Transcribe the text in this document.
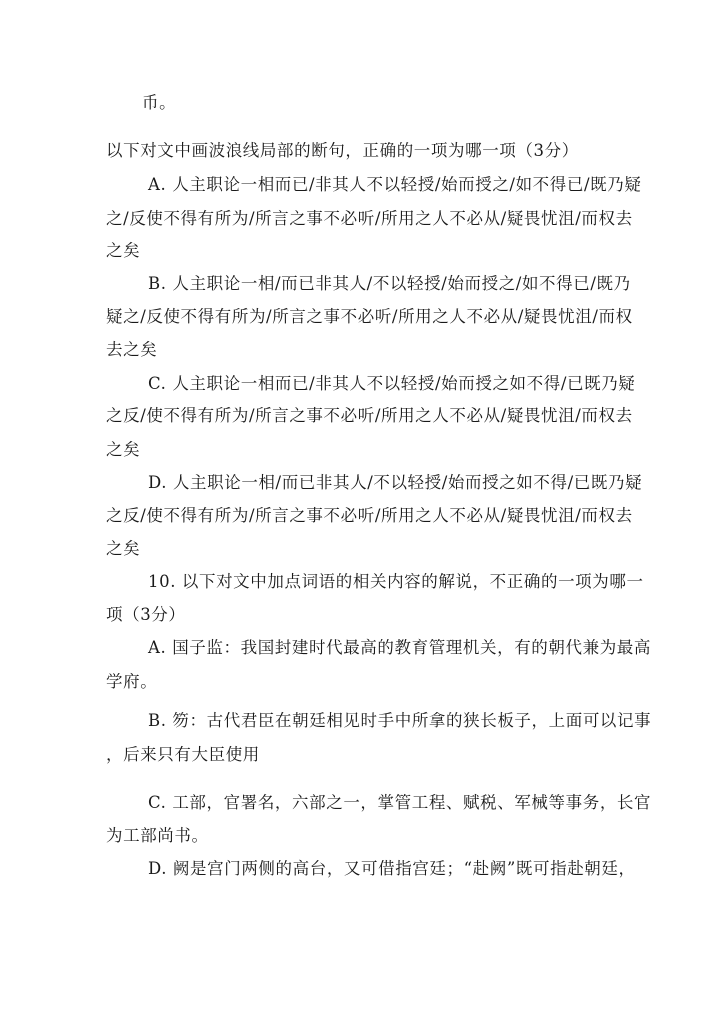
币。
以下对文中画波浪线局部的断句，正确的一项为哪一项（3分）
A. 人主职论一相而已/非其人不以轻授/始而授之/如不得已/既乃疑
之/反使不得有所为/所言之事不必听/所用之人不必从/疑畏忧沮/而权去
之矣
B. 人主职论一相/而已非其人/不以轻授/始而授之/如不得已/既乃
疑之/反使不得有所为/所言之事不必听/所用之人不必从/疑畏忧沮/而权
去之矣
C. 人主职论一相而已/非其人不以轻授/始而授之如不得/已既乃疑
之反/使不得有所为/所言之事不必听/所用之人不必从/疑畏忧沮/而权去
之矣
D. 人主职论一相/而已非其人/不以轻授/始而授之如不得/已既乃疑
之反/使不得有所为/所言之事不必听/所用之人不必从/疑畏忧沮/而权去
之矣
10. 以下对文中加点词语的相关内容的解说，不正确的一项为哪一
项（3分）
A. 国子监：我国封建时代最高的教育管理机关，有的朝代兼为最高
学府。
B. 笏：古代君臣在朝廷相见时手中所拿的狭长板子，上面可以记事
，后来只有大臣使用
C. 工部，官署名，六部之一，掌管工程、赋税、军械等事务，长官
为工部尚书。
D. 阙是宫门两侧的高台，又可借指宫廷；“赴阙”既可指赴朝廷，
